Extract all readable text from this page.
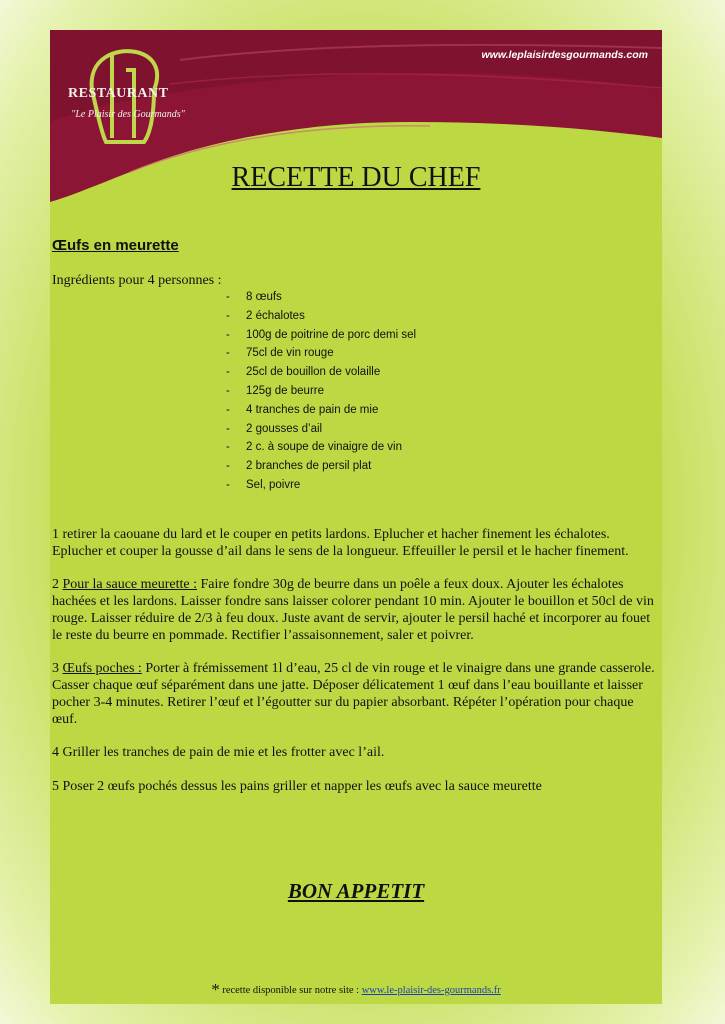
www.leplaisirdesgourmands.com
RESTAURANT
"Le Plaisir des Gourmands"
RECETTE DU CHEF
Œufs en meurette
Ingrédients pour 4 personnes :
- 8 œufs
- 2 échalotes
- 100g de poitrine de porc demi sel
- 75cl de vin rouge
- 25cl de bouillon de volaille
- 125g de beurre
- 4 tranches de pain de mie
- 2 gousses d’ail
- 2 c. à soupe de vinaigre de vin
- 2 branches de persil plat
- Sel, poivre

1 retirer la caouane du lard et le couper en petits lardons. Eplucher et hacher finement les échalotes. Eplucher et couper la gousse d’ail dans le sens de la longueur. Effeuiller le persil et le hacher finement.

2 Pour la sauce meurette : Faire fondre 30g de beurre dans un poêle a feux doux. Ajouter les échalotes hachées et les lardons. Laisser fondre sans laisser colorer pendant 10 min. Ajouter le bouillon et 50cl de vin rouge. Laisser réduire de 2/3 à feu doux. Juste avant de servir, ajouter le persil haché et incorporer au fouet le reste du beurre en pommade. Rectifier l’assaisonnement, saler et poivrer.

3 Œufs poches : Porter à frémissement 1l d’eau, 25 cl de vin rouge et le vinaigre dans une grande casserole. Casser chaque œuf séparément dans une jatte. Déposer délicatement 1 œuf dans l’eau bouillante et laisser pocher 3-4 minutes. Retirer l’œuf et l’égoutter sur du papier absorbant. Répéter l’opération pour chaque œuf.

4 Griller les tranches de pain de mie et les frotter avec l’ail.

5 Poser 2 œufs pochés dessus les pains griller et napper les œufs avec la sauce meurette

BON APPETIT
* recette disponible sur notre site : www.le-plaisir-des-gourmands.fr
